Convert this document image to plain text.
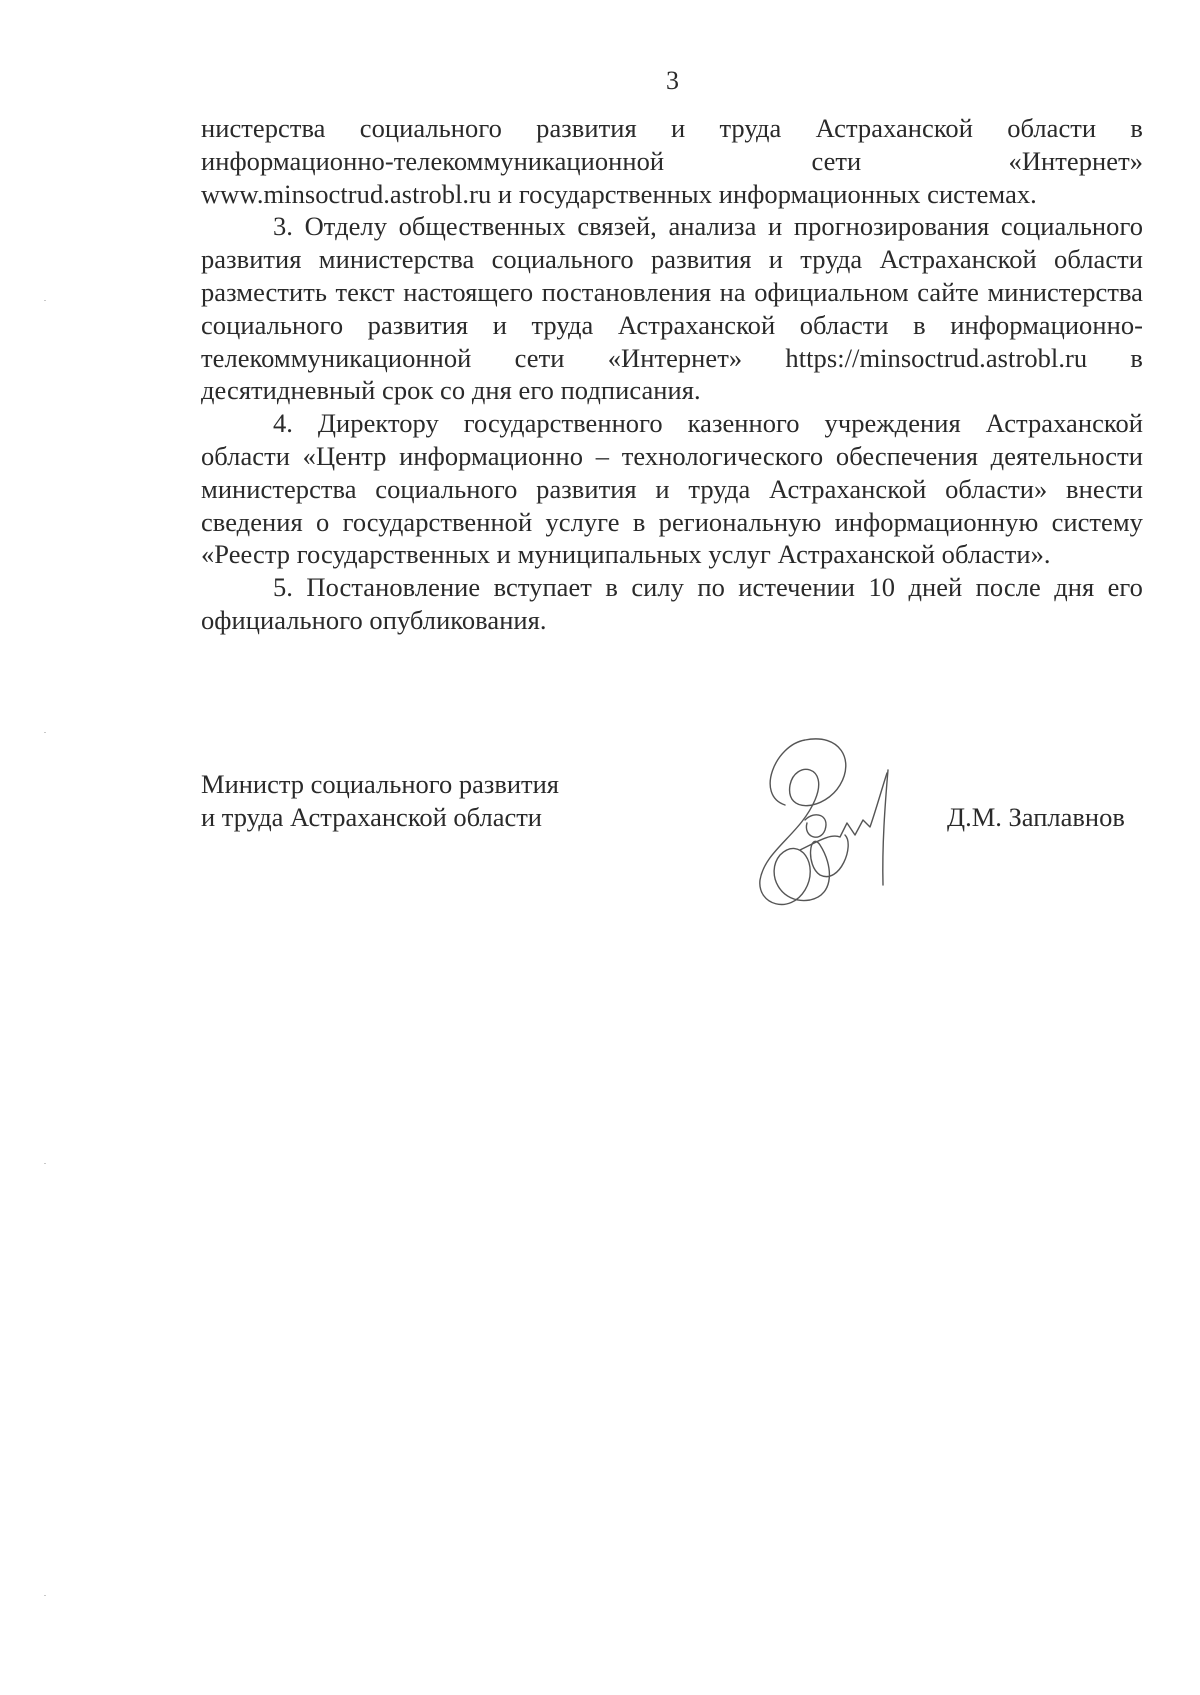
3

нистерства социального развития и труда Астраханской области в информационно-телекоммуникационной сети «Интернет» www.minsoctrud.astrobl.ru и государственных информационных системах.

3. Отделу общественных связей, анализа и прогнозирования социального развития министерства социального развития и труда Астраханской области разместить текст настоящего постановления на официальном сайте министерства социального развития и труда Астраханской области в информационно-телекоммуникационной сети «Интернет» https://minsoctrud.astrobl.ru в десятидневный срок со дня его подписания.

4. Директору государственного казенного учреждения Астраханской области «Центр информационно – технологического обеспечения деятельности министерства социального развития и труда Астраханской области» внести сведения о государственной услуге в региональную информационную систему «Реестр государственных и муниципальных услуг Астраханской области».

5. Постановление вступает в силу по истечении 10 дней после дня его официального опубликования.

Министр социального развития
и труда Астраханской области	Д.М. Заплавнов
